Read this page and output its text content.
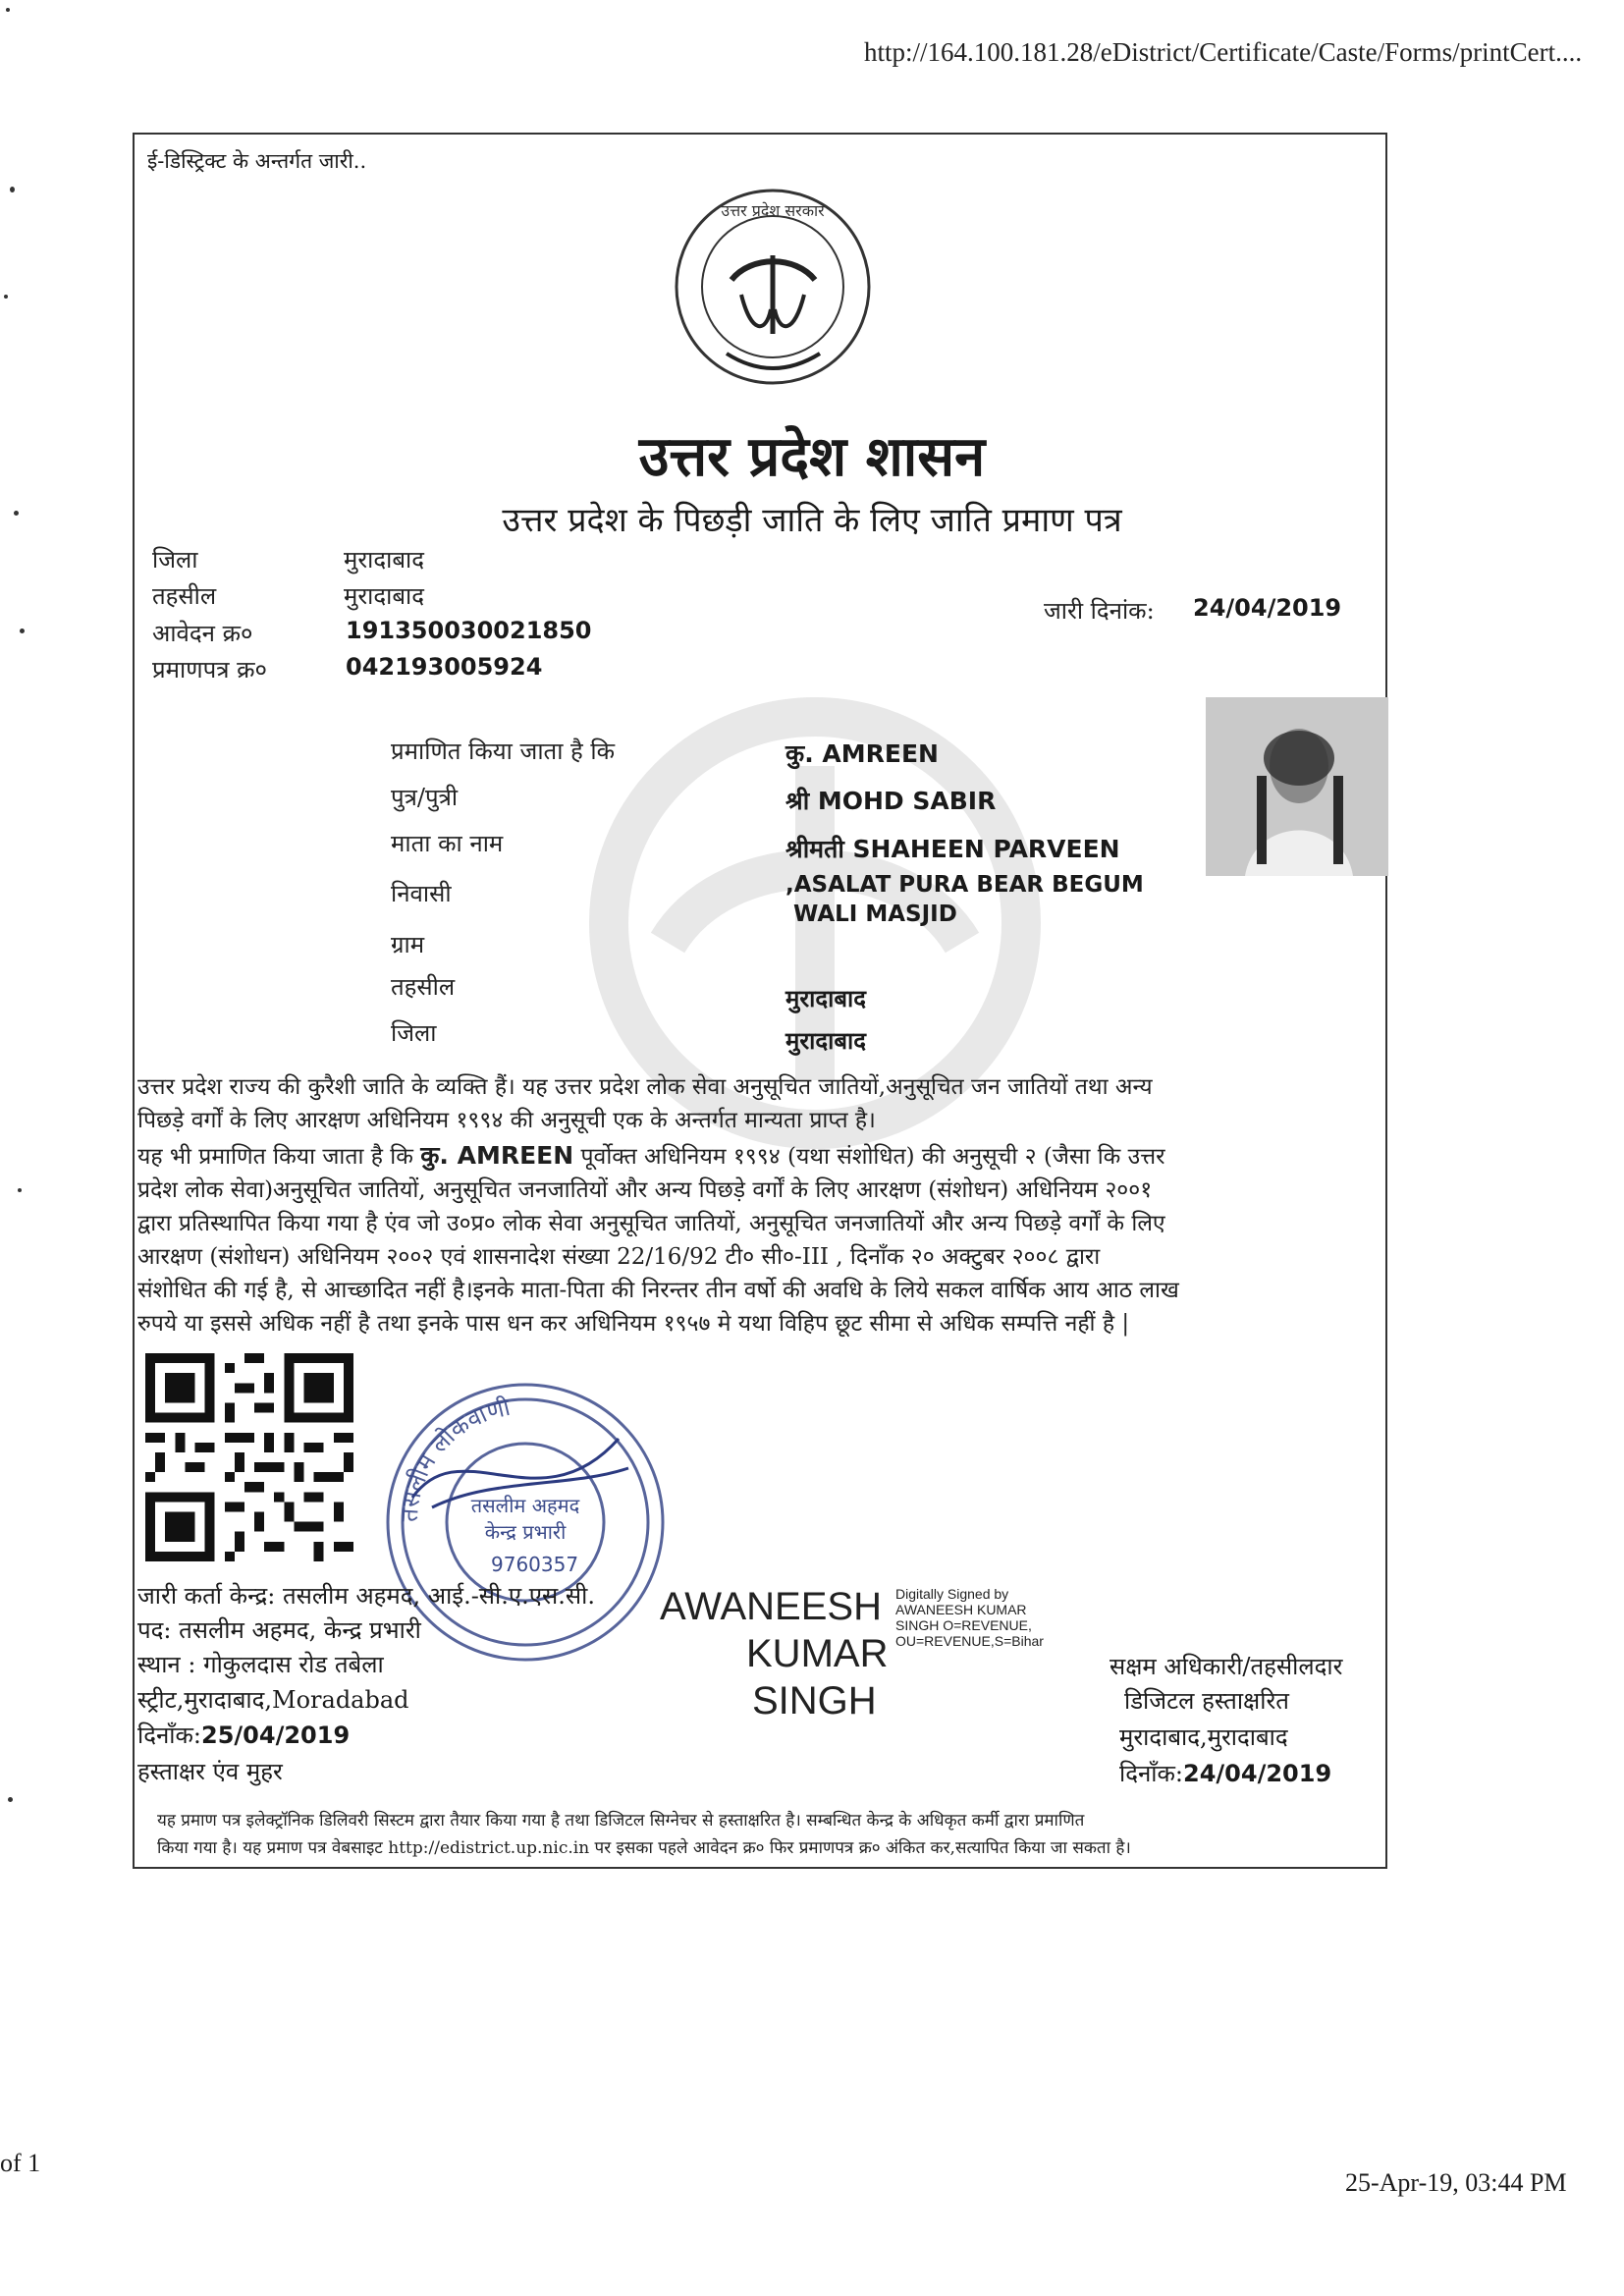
http://164.100.181.28/eDistrict/Certificate/Caste/Forms/printCert....
of 1
25-Apr-19, 03:44 PM
ई-डिस्ट्रिक्ट के अन्तर्गत जारी..
उत्तर प्रदेश सरकार
उत्तर प्रदेश शासन
उत्तर प्रदेश के पिछड़ी जाति के लिए जाति प्रमाण पत्र
जिला	मुरादाबाद
तहसील	मुरादाबाद
आवेदन क्र०	191350030021850
प्रमाणपत्र क्र०	042193005924
जारी दिनांक: 24/04/2019
प्रमाणित किया जाता है कि	कु. AMREEN
पुत्र/पुत्री	श्री MOHD SABIR
माता का नाम	श्रीमती SHAHEEN PARVEEN
निवासी	,ASALAT PURA BEAR BEGUM
WALI MASJID
ग्राम
तहसील	मुरादाबाद
जिला	मुरादाबाद
उत्तर प्रदेश राज्य की कुरैशी जाति के व्यक्ति हैं। यह उत्तर प्रदेश लोक सेवा अनुसूचित जातियों,अनुसूचित जन जातियों तथा अन्य
पिछड़े वर्गों के लिए आरक्षण अधिनियम १९९४ की अनुसूची एक के अन्तर्गत मान्यता प्राप्त है।
यह भी प्रमाणित किया जाता है कि कु. AMREEN पूर्वोक्त अधिनियम १९९४ (यथा संशोधित) की अनुसूची २ (जैसा कि उत्तर
प्रदेश लोक सेवा)अनुसूचित जातियों, अनुसूचित जनजातियों और अन्य पिछड़े वर्गों के लिए आरक्षण (संशोधन) अधिनियम २००१
द्वारा प्रतिस्थापित किया गया है एंव जो उ०प्र० लोक सेवा अनुसूचित जातियों, अनुसूचित जनजातियों और अन्य पिछड़े वर्गों के लिए
आरक्षण (संशोधन) अधिनियम २००२ एवं शासनादेश संख्या 22/16/92 टी० सी०-III , दिनाँक २० अक्टुबर २००८ द्वारा
संशोधित की गई है, से आच्छादित नहीं है।इनके माता-पिता की निरन्तर तीन वर्षो की अवधि के लिये सकल वार्षिक आय आठ लाख
रुपये या इससे अधिक नहीं है तथा इनके पास धन कर अधिनियम १९५७ मे यथा विहिप छूट सीमा से अधिक सम्पत्ति नहीं है |
तसलीम लोकवाणी
तसलीम अहमद
केन्द्र प्रभारी
9760357
जारी कर्ता केन्द्र: तसलीम अहमद, आई.-सी.ए.एस.सी.
पद: तसलीम अहमद, केन्द्र प्रभारी
स्थान : गोकुलदास रोड तबेला
स्ट्रीट,मुरादाबाद,Moradabad
दिनाँक:25/04/2019
हस्ताक्षर एंव मुहर
AWANEESH
KUMAR
SINGH
Digitally Signed by
AWANEESH KUMAR
SINGH O=REVENUE,
OU=REVENUE,S=Bihar
सक्षम अधिकारी/तहसीलदार
डिजिटल हस्ताक्षरित
मुरादाबाद,मुरादाबाद
दिनाँक:24/04/2019
यह प्रमाण पत्र इलेक्ट्रॉनिक डिलिवरी सिस्टम द्वारा तैयार किया गया है तथा डिजिटल सिग्नेचर से हस्ताक्षरित है। सम्बन्धित केन्द्र के अधिकृत कर्मी द्वारा प्रमाणित
किया गया है। यह प्रमाण पत्र वेबसाइट http://edistrict.up.nic.in पर इसका पहले आवेदन क्र० फिर प्रमाणपत्र क्र० अंकित कर,सत्यापित किया जा सकता है।
